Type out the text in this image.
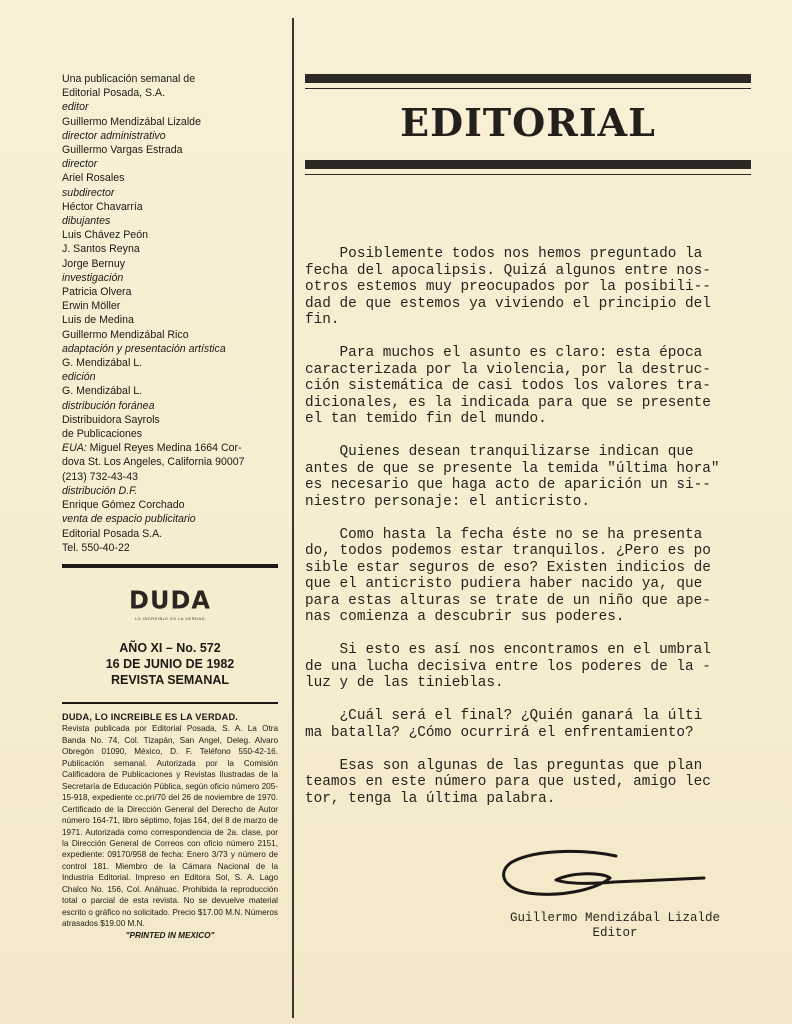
Una publicación semanal de
Editorial Posada, S.A.
editor
Guillermo Mendizábal Lizalde
director administrativo
Guillermo Vargas Estrada
director
Ariel Rosales
subdirector
Héctor Chavarría
dibujantes
Luis Chávez Peón
J. Santos Reyna
Jorge Bernuy
investigación
Patricia Olvera
Erwin Möller
Luis de Medina
Guillermo Mendizábal Rico
adaptación y presentación artística
G. Mendizábal L.
edición
G. Mendizábal L.
distribución foránea
Distribuidora Sayrols
de Publicaciones
EUA: Miguel Reyes Medina 1664 Cor-
dova St. Los Angeles, California 90007
(213) 732-43-43
distribución D.F.
Enrique Gómez Corchado
venta de espacio publicitario
Editorial Posada S.A.
Tel. 550-40-22
DUDA
LO INCREIBLE ES LA VERDAD
AÑO XI – No. 572
16 DE JUNIO DE 1982
REVISTA SEMANAL
DUDA, LO INCREIBLE ES LA VERDAD.
Revista publicada por Editorial Posada, S. A. La Otra Banda No. 74, Col. Tizapán, San Angel, Deleg. Alvaro Obregón 01090, México, D. F. Teléfono 550-42-16. Publicación semanal. Autorizada por la Comisión Calificadora de Publicaciones y Revistas Ilustradas de la Secretaría de Educación Pública, según oficio número 205-15-918, expediente cc.pri/70 del 26 de noviembre de 1970. Certificado de la Dirección General del Derecho de Autor número 164-71, libro séptimo, fojas 164, del 8 de marzo de 1971. Autorizada como correspondencia de 2a. clase, por la Dirección General de Correos con oficio número 2151, expediente: 09170/958 de fecha: Enero 3/73 y número de control 181. Miembro de la Cámara Nacional de la Industria Editorial. Impreso en Editora Sol, S. A. Lago Chalco No. 156, Col. Anáhuac. Prohibida la reproducción total o parcial de esta revista. No se devuelve material escrito o gráfico no solicitado. Precio $17.00 M.N. Números atrasados $19.00 M.N.
"PRINTED IN MEXICO"
EDITORIAL

Posiblemente todos nos hemos preguntado la
fecha del apocalipsis. Quizá algunos entre nos-
otros estemos muy preocupados por la posibili--
dad de que estemos ya viviendo el principio del
fin.

Para muchos el asunto es claro: esta época
caracterizada por la violencia, por la destruc-
ción sistemática de casi todos los valores tra-
dicionales, es la indicada para que se presente
el tan temido fin del mundo.

Quienes desean tranquilizarse indican que
antes de que se presente la temida "última hora"
es necesario que haga acto de aparición un si--
niestro personaje: el anticristo.

Como hasta la fecha éste no se ha presenta
do, todos podemos estar tranquilos. ¿Pero es po
sible estar seguros de eso? Existen indicios de
que el anticristo pudiera haber nacido ya, que
para estas alturas se trate de un niño que ape-
nas comienza a descubrir sus poderes.

Si esto es así nos encontramos en el umbral
de una lucha decisiva entre los poderes de la -
luz y de las tinieblas.

¿Cuál será el final? ¿Quién ganará la últi
ma batalla? ¿Cómo ocurrirá el enfrentamiento?

Esas son algunas de las preguntas que plan
teamos en este número para que usted, amigo lec
tor, tenga la última palabra.

Guillermo Mendizábal Lizalde
Editor
